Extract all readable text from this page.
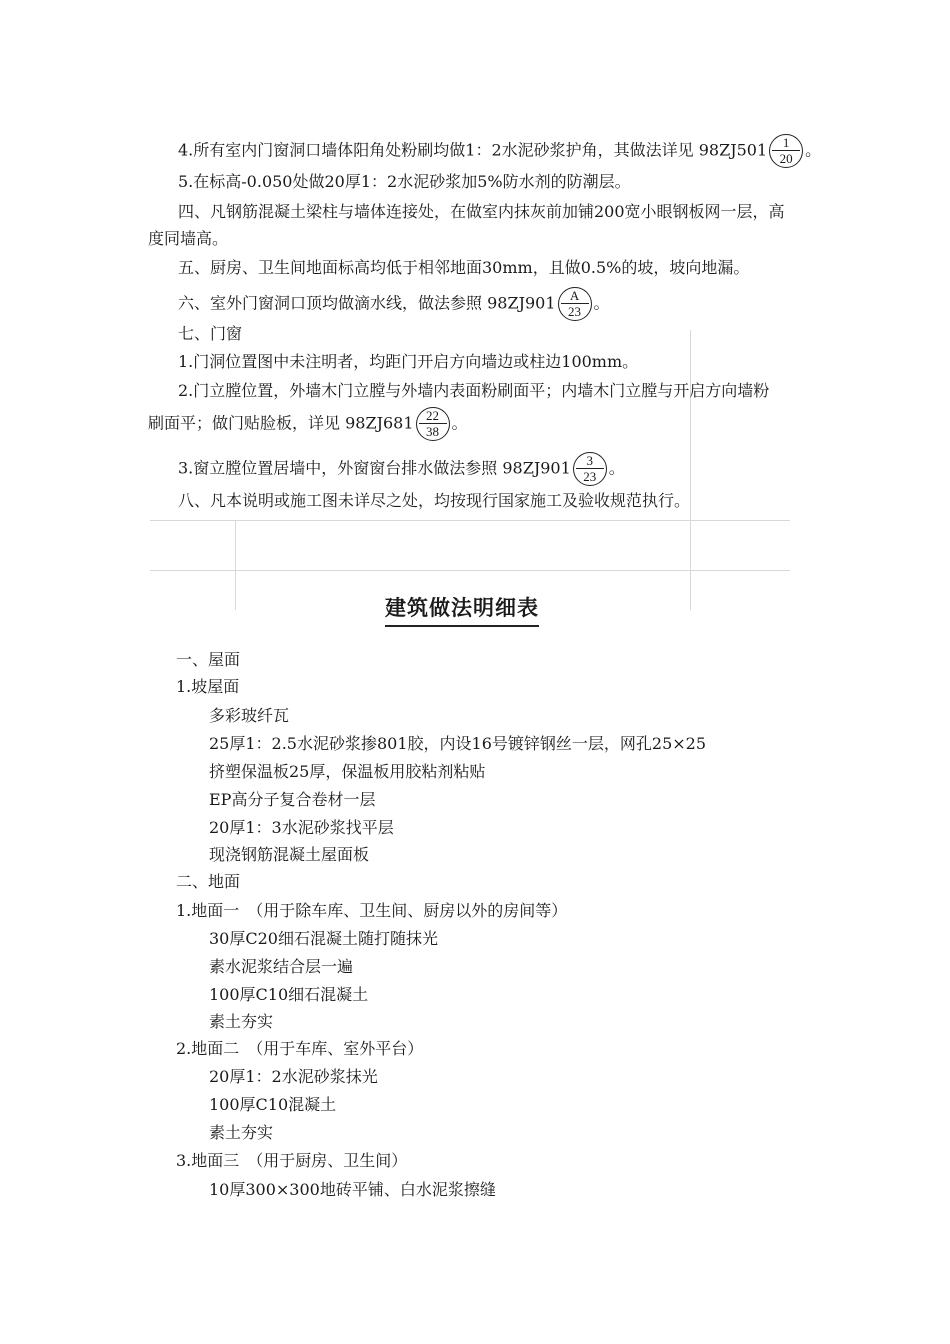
4.所有室内门窗洞口墙体阳角处粉刷均做1：2水泥砂浆护角，其做法详见 $98ZJ501 \frac{1}{20}$ 。
5.在标高-0.050处做20厚1：2水泥砂浆加5%防水剂的防潮层。
四、凡钢筋混凝土梁柱与墙体连接处，在做室内抹灰前加铺200宽小眼钢板网一层，高
度同墙高。
五、厨房、卫生间地面标高均低于相邻地面30mm，且做0.5%的坡，坡向地漏。
六、室外门窗洞口顶均做滴水线，做法参照 $98ZJ901 \frac{A}{23}$ 。
七、门窗
1.门洞位置图中未注明者，均距门开启方向墙边或柱边100mm。
2.门立膛位置，外墙木门立膛与外墙内表面粉刷面平；内墙木门立膛与开启方向墙粉
刷面平；做门贴脸板，详见 $98ZJ681 \frac{22}{38}$ 。
3.窗立膛位置居墙中，外窗窗台排水做法参照 $98ZJ901 \frac{3}{23}$ 。
八、凡本说明或施工图未详尽之处，均按现行国家施工及验收规范执行。
建筑做法明细表
一、屋面
1.坡屋面
多彩玻纤瓦
25厚1：2.5水泥砂浆掺801胶，内设16号镀锌钢丝一层，网孔25×25
挤塑保温板25厚，保温板用胶粘剂粘贴
EP高分子复合卷材一层
20厚1：3水泥砂浆找平层
现浇钢筋混凝土屋面板
二、地面
1.地面一　（用于除车库、卫生间、厨房以外的房间等）
30厚C20细石混凝土随打随抹光
素水泥浆结合层一遍
100厚C10细石混凝土
素土夯实
2.地面二　（用于车库、室外平台）
20厚1：2水泥砂浆抹光
100厚C10混凝土
素土夯实
3.地面三　（用于厨房、卫生间）
10厚300×300地砖平铺、白水泥浆擦缝
